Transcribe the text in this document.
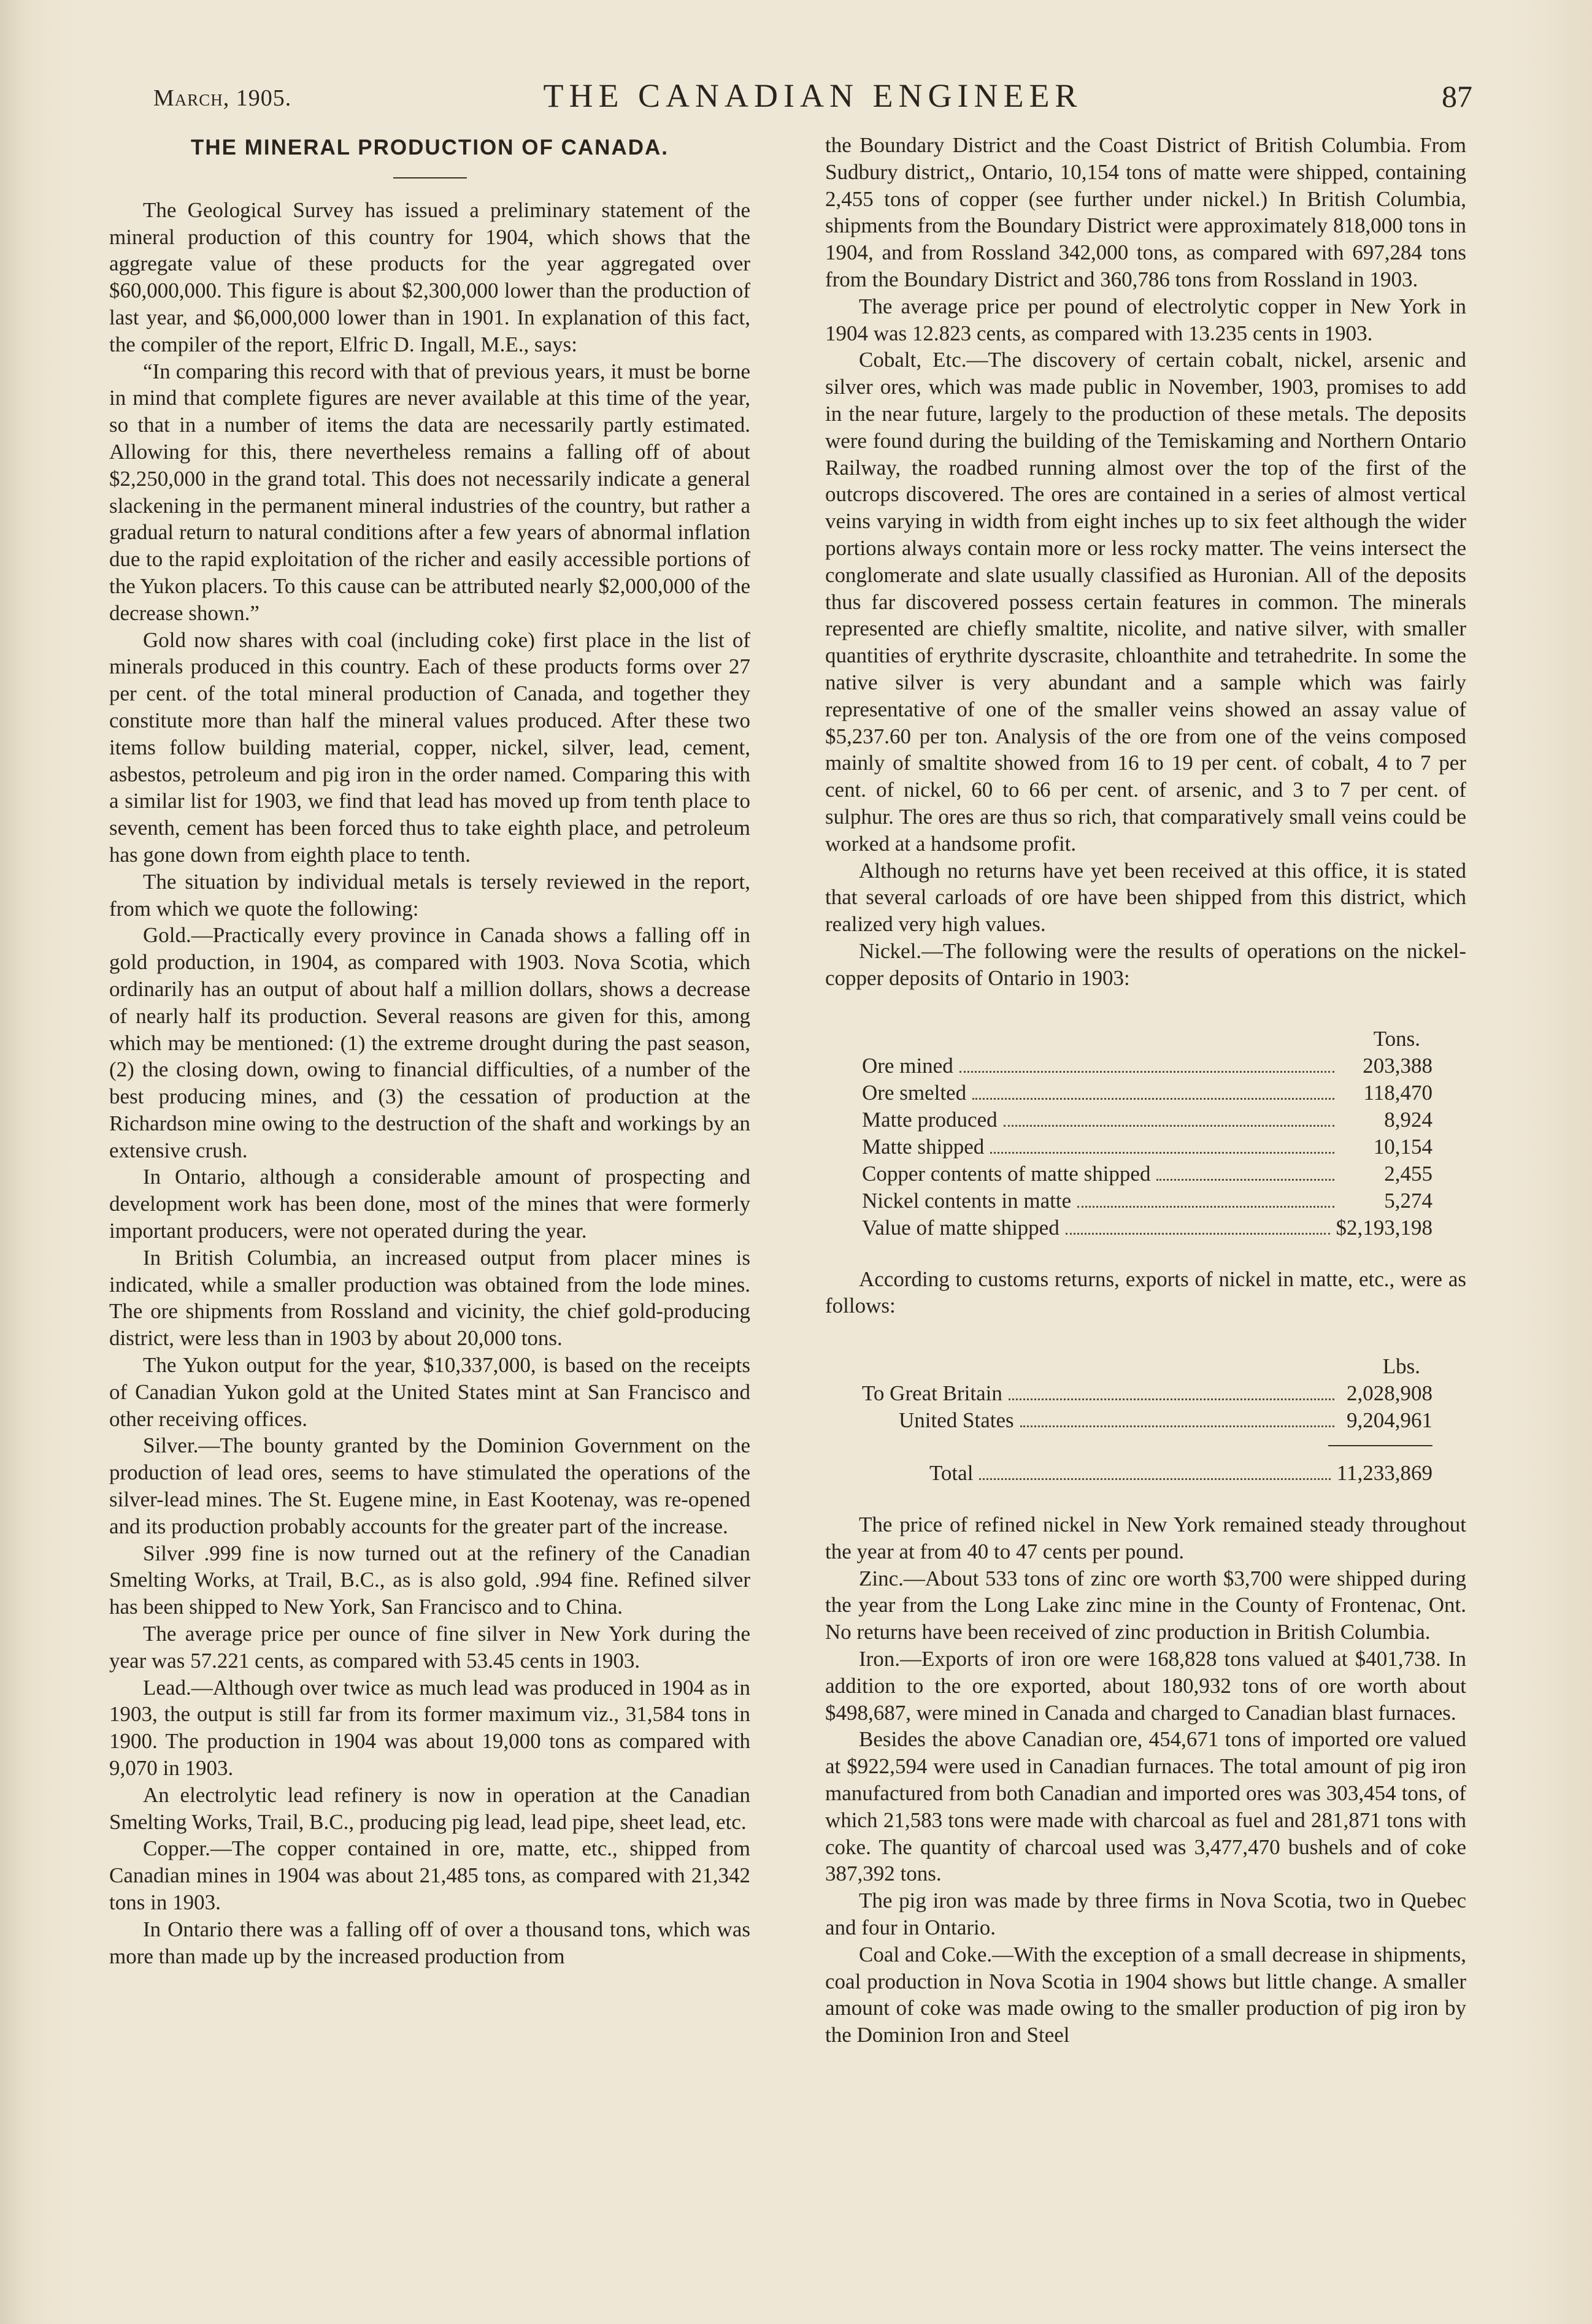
March, 1905.	THE CANADIAN ENGINEER	87
THE MINERAL PRODUCTION OF CANADA.

The Geological Survey has issued a preliminary statement of the mineral production of this country for 1904, which shows that the aggregate value of these products for the year aggregated over $60,000,000. This figure is about $2,300,000 lower than the production of last year, and $6,000,000 lower than in 1901. In explanation of this fact, the compiler of the report, Elfric D. Ingall, M.E., says:

“In comparing this record with that of previous years, it must be borne in mind that complete figures are never available at this time of the year, so that in a number of items the data are necessarily partly estimated. Allowing for this, there nevertheless remains a falling off of about $2,250,000 in the grand total. This does not necessarily indicate a general slackening in the permanent mineral industries of the country, but rather a gradual return to natural conditions after a few years of abnormal inflation due to the rapid exploitation of the richer and easily accessible portions of the Yukon placers. To this cause can be attributed nearly $2,000,000 of the decrease shown.”

Gold now shares with coal (including coke) first place in the list of minerals produced in this country. Each of these products forms over 27 per cent. of the total mineral production of Canada, and together they constitute more than half the mineral values produced. After these two items follow building material, copper, nickel, silver, lead, cement, asbestos, petroleum and pig iron in the order named. Comparing this with a similar list for 1903, we find that lead has moved up from tenth place to seventh, cement has been forced thus to take eighth place, and petroleum has gone down from eighth place to tenth.

The situation by individual metals is tersely reviewed in the report, from which we quote the following:

Gold.—Practically every province in Canada shows a falling off in gold production, in 1904, as compared with 1903. Nova Scotia, which ordinarily has an output of about half a million dollars, shows a decrease of nearly half its production. Several reasons are given for this, among which may be mentioned: (1) the extreme drought during the past season, (2) the closing down, owing to financial difficulties, of a number of the best producing mines, and (3) the cessation of production at the Richardson mine owing to the destruction of the shaft and workings by an extensive crush.

In Ontario, although a considerable amount of prospecting and development work has been done, most of the mines that were formerly important producers, were not operated during the year.

In British Columbia, an increased output from placer mines is indicated, while a smaller production was obtained from the lode mines. The ore shipments from Rossland and vicinity, the chief gold-producing district, were less than in 1903 by about 20,000 tons.

The Yukon output for the year, $10,337,000, is based on the receipts of Canadian Yukon gold at the United States mint at San Francisco and other receiving offices.

Silver.—The bounty granted by the Dominion Government on the production of lead ores, seems to have stimulated the operations of the silver-lead mines. The St. Eugene mine, in East Kootenay, was re-opened and its production probably accounts for the greater part of the increase.

Silver .999 fine is now turned out at the refinery of the Canadian Smelting Works, at Trail, B.C., as is also gold, .994 fine. Refined silver has been shipped to New York, San Francisco and to China.

The average price per ounce of fine silver in New York during the year was 57.221 cents, as compared with 53.45 cents in 1903.

Lead.—Although over twice as much lead was produced in 1904 as in 1903, the output is still far from its former maximum viz., 31,584 tons in 1900. The production in 1904 was about 19,000 tons as compared with 9,070 in 1903.

An electrolytic lead refinery is now in operation at the Canadian Smelting Works, Trail, B.C., producing pig lead, lead pipe, sheet lead, etc.

Copper.—The copper contained in ore, matte, etc., shipped from Canadian mines in 1904 was about 21,485 tons, as compared with 21,342 tons in 1903.

In Ontario there was a falling off of over a thousand tons, which was more than made up by the increased production from

the Boundary District and the Coast District of British Columbia. From Sudbury district,, Ontario, 10,154 tons of matte were shipped, containing 2,455 tons of copper (see further under nickel.) In British Columbia, shipments from the Boundary District were approximately 818,000 tons in 1904, and from Rossland 342,000 tons, as compared with 697,284 tons from the Boundary District and 360,786 tons from Rossland in 1903.

The average price per pound of electrolytic copper in New York in 1904 was 12.823 cents, as compared with 13.235 cents in 1903.

Cobalt, Etc.—The discovery of certain cobalt, nickel, arsenic and silver ores, which was made public in November, 1903, promises to add in the near future, largely to the production of these metals. The deposits were found during the building of the Temiskaming and Northern Ontario Railway, the roadbed running almost over the top of the first of the outcrops discovered. The ores are contained in a series of almost vertical veins varying in width from eight inches up to six feet although the wider portions always contain more or less rocky matter. The veins intersect the conglomerate and slate usually classified as Huronian. All of the deposits thus far discovered possess certain features in common. The minerals represented are chiefly smaltite, nicolite, and native silver, with smaller quantities of erythrite dyscrasite, chloanthite and tetrahedrite. In some the native silver is very abundant and a sample which was fairly representative of one of the smaller veins showed an assay value of $5,237.60 per ton. Analysis of the ore from one of the veins composed mainly of smaltite showed from 16 to 19 per cent. of cobalt, 4 to 7 per cent. of nickel, 60 to 66 per cent. of arsenic, and 3 to 7 per cent. of sulphur. The ores are thus so rich, that comparatively small veins could be worked at a handsome profit.

Although no returns have yet been received at this office, it is stated that several carloads of ore have been shipped from this district, which realized very high values.

Nickel.—The following were the results of operations on the nickel-copper deposits of Ontario in 1903:

Tons.
Ore mined	203,388
Ore smelted	118,470
Matte produced	8,924
Matte shipped	10,154
Copper contents of matte shipped	2,455
Nickel contents in matte	5,274
Value of matte shipped	$2,193,198

According to customs returns, exports of nickel in matte, etc., were as follows:

Lbs.
To Great Britain	2,028,908
United States	9,204,961
Total	11,233,869

The price of refined nickel in New York remained steady throughout the year at from 40 to 47 cents per pound.

Zinc.—About 533 tons of zinc ore worth $3,700 were shipped during the year from the Long Lake zinc mine in the County of Frontenac, Ont. No returns have been received of zinc production in British Columbia.

Iron.—Exports of iron ore were 168,828 tons valued at $401,738. In addition to the ore exported, about 180,932 tons of ore worth about $498,687, were mined in Canada and charged to Canadian blast furnaces.

Besides the above Canadian ore, 454,671 tons of imported ore valued at $922,594 were used in Canadian furnaces. The total amount of pig iron manufactured from both Canadian and imported ores was 303,454 tons, of which 21,583 tons were made with charcoal as fuel and 281,871 tons with coke. The quantity of charcoal used was 3,477,470 bushels and of coke 387,392 tons.

The pig iron was made by three firms in Nova Scotia, two in Quebec and four in Ontario.

Coal and Coke.—With the exception of a small decrease in shipments, coal production in Nova Scotia in 1904 shows but little change. A smaller amount of coke was made owing to the smaller production of pig iron by the Dominion Iron and Steel
